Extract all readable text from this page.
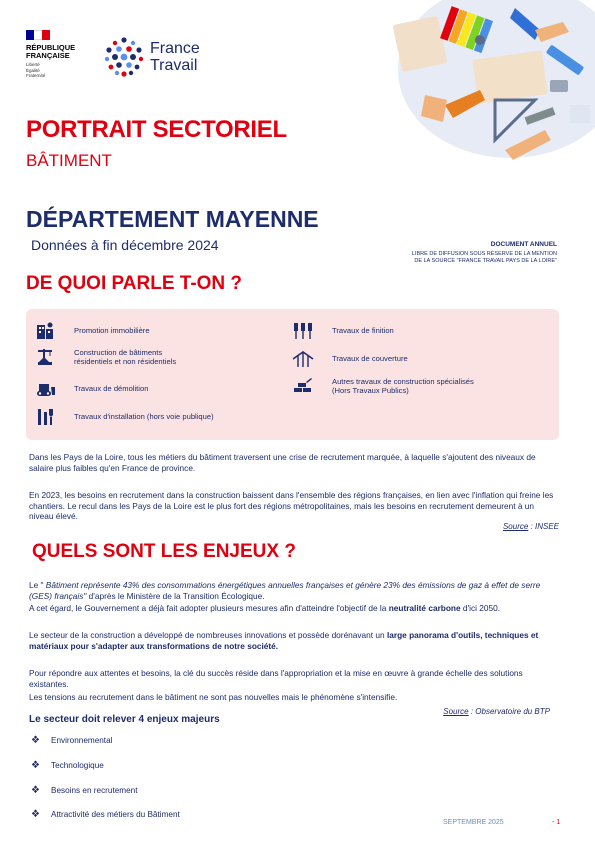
RÉPUBLIQUE
FRANÇAISE
Liberté
Égalité
Fraternité
France
Travail
PORTRAIT SECTORIEL
BÂTIMENT
DÉPARTEMENT MAYENNE
Données à fin décembre 2024	DOCUMENT ANNUEL
LIBRE DE DIFFUSION SOUS RÉSERVE DE LA MENTION
DE LA SOURCE "FRANCE TRAVAIL PAYS DE LA LOIRE"
DE QUOI PARLE T-ON ?
Promotion immobilière
Construction de bâtiments
résidentiels et non résidentiels
Travaux de démolition
Travaux d'installation (hors voie publique)
Travaux de finition
Travaux de couverture
Autres travaux de construction spécialisés
(Hors Travaux Publics)
Dans les Pays de la Loire, tous les métiers du bâtiment traversent une crise de recrutement marquée, à laquelle s'ajoutent des niveaux de salaire plus faibles qu'en France de province.
En 2023, les besoins en recrutement dans la construction baissent dans l'ensemble des régions françaises, en lien avec l'inflation qui freine les chantiers. Le recul dans les Pays de la Loire est le plus fort des régions métropolitaines, mais les besoins en recrutement demeurent à un niveau élevé.
Source : INSEE
QUELS SONT LES ENJEUX ?
Le " Bâtiment représente 43% des consommations énergétiques annuelles françaises et génère 23% des émissions de gaz à effet de serre (GES) français" d'après le Ministère de la Transition Écologique.
A cet égard, le Gouvernement a déjà fait adopter plusieurs mesures afin d'atteindre l'objectif de la neutralité carbone d'ici 2050.
Le secteur de la construction a développé de nombreuses innovations et possède dorénavant un large panorama d'outils, techniques et matériaux pour s'adapter aux transformations de notre société.
Pour répondre aux attentes et besoins, la clé du succès réside dans l'appropriation et la mise en œuvre à grande échelle des solutions existantes.
Les tensions au recrutement dans le bâtiment ne sont pas nouvelles mais le phénomène s'intensifie.
Source : Observatoire du BTP
Le secteur doit relever 4 enjeux majeurs
❖	Environnemental
❖	Technologique
❖	Besoins en recrutement
❖	Attractivité des métiers du Bâtiment
SEPTEMBRE 2025	- 1
